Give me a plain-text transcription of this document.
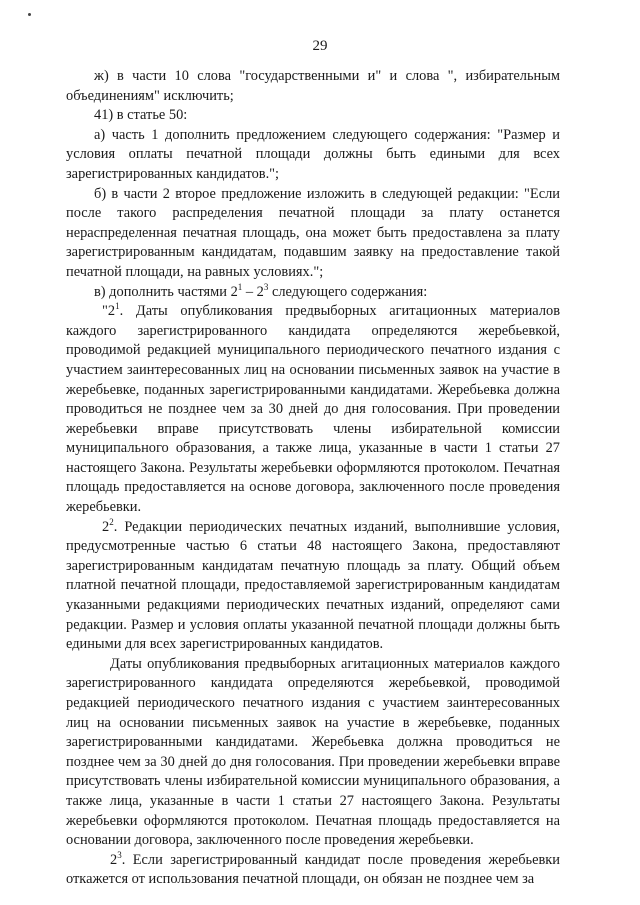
29

ж) в части 10 слова "государственными и" и слова ", избирательным объединениям" исключить;

41) в статье 50:

а) часть 1 дополнить предложением следующего содержания: "Размер и условия оплаты печатной площади должны быть едиными для всех зарегистрированных кандидатов.";

б) в части 2 второе предложение изложить в следующей редакции: "Если после такого распределения печатной площади за плату останется нераспределенная печатная площадь, она может быть предоставлена за плату зарегистрированным кандидатам, подавшим заявку на предоставление такой печатной площади, на равных условиях.";

в) дополнить частями $2^1 - 2^3$ следующего содержания:

"$2^1$. Даты опубликования предвыборных агитационных материалов каждого зарегистрированного кандидата определяются жеребьевкой, проводимой редакцией муниципального периодического печатного издания с участием заинтересованных лиц на основании письменных заявок на участие в жеребьевке, поданных зарегистрированными кандидатами. Жеребьевка должна проводиться не позднее чем за 30 дней до дня голосования. При проведении жеребьевки вправе присутствовать члены избирательной комиссии муниципального образования, а также лица, указанные в части 1 статьи 27 настоящего Закона. Результаты жеребьевки оформляются протоколом. Печатная площадь предоставляется на основе договора, заключенного после проведения жеребьевки.

$2^2$. Редакции периодических печатных изданий, выполнившие условия, предусмотренные частью 6 статьи 48 настоящего Закона, предоставляют зарегистрированным кандидатам печатную площадь за плату. Общий объем платной печатной площади, предоставляемой зарегистрированным кандидатам указанными редакциями периодических печатных изданий, определяют сами редакции. Размер и условия оплаты указанной печатной площади должны быть едиными для всех зарегистрированных кандидатов.

Даты опубликования предвыборных агитационных материалов каждого зарегистрированного кандидата определяются жеребьевкой, проводимой редакцией периодического печатного издания с участием заинтересованных лиц на основании письменных заявок на участие в жеребьевке, поданных зарегистрированными кандидатами. Жеребьевка должна проводиться не позднее чем за 30 дней до дня голосования. При проведении жеребьевки вправе присутствовать члены избирательной комиссии муниципального образования, а также лица, указанные в части 1 статьи 27 настоящего Закона. Результаты жеребьевки оформляются протоколом. Печатная площадь предоставляется на основании договора, заключенного после проведения жеребьевки.

$2^3$. Если зарегистрированный кандидат после проведения жеребьевки откажется от использования печатной площади, он обязан не позднее чем за
